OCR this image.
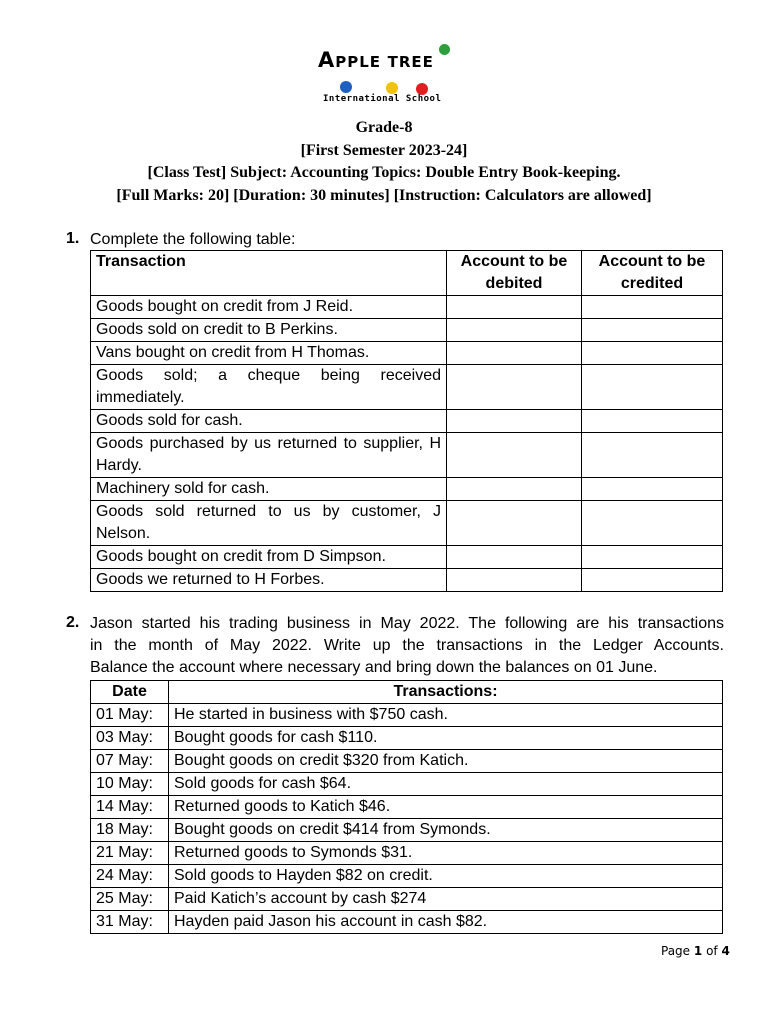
APPLE TREE
International School
Grade-8
[First Semester 2023-24]
[Class Test] Subject: Accounting Topics: Double Entry Book-keeping.
[Full Marks: 20] [Duration: 30 minutes] [Instruction: Calculators are allowed]
1. Complete the following table:
Transaction	Account to be debited	Account to be credited
Goods bought on credit from J Reid.		
Goods sold on credit to B Perkins.		
Vans bought on credit from H Thomas.		
Goods sold; a cheque being received immediately.		
Goods sold for cash.		
Goods purchased by us returned to supplier, H Hardy.		
Machinery sold for cash.		
Goods sold returned to us by customer, J Nelson.		
Goods bought on credit from D Simpson.		
Goods we returned to H Forbes.		
2. Jason started his trading business in May 2022. The following are his transactions
in the month of May 2022. Write up the transactions in the Ledger Accounts.
Balance the account where necessary and bring down the balances on 01 June.
Date	Transactions:
01 May:	He started in business with $750 cash.
03 May:	Bought goods for cash $110.
07 May:	Bought goods on credit $320 from Katich.
10 May:	Sold goods for cash $64.
14 May:	Returned goods to Katich $46.
18 May:	Bought goods on credit $414 from Symonds.
21 May:	Returned goods to Symonds $31.
24 May:	Sold goods to Hayden $82 on credit.
25 May:	Paid Katich’s account by cash $274
31 May:	Hayden paid Jason his account in cash $82.
Page 1 of 4
